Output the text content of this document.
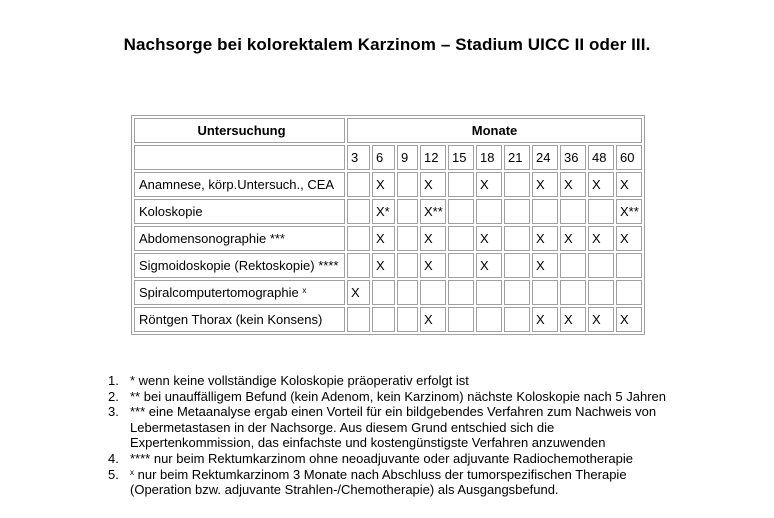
Nachsorge bei kolorektalem Karzinom – Stadium UICC II oder III.
Untersuchung	Monate										
	3	6	9	12	15	18	21	24	36	48	60
Anamnese, körp.Untersuch., CEA		X		X		X		X	X	X	X
Koloskopie		X*		X**							X**
Abdomensonographie ***		X		X		X		X	X	X	X
Sigmoidoskopie (Rektoskopie) ****		X		X		X		X			
Spiralcomputertomographie $^x$	X										
Röntgen Thorax (kein Konsens)				X				X	X	X	X
1. * wenn keine vollständige Koloskopie präoperativ erfolgt ist
2. ** bei unauffälligem Befund (kein Adenom, kein Karzinom) nächste Koloskopie nach 5 Jahren
3. *** eine Metaanalyse ergab einen Vorteil für ein bildgebendes Verfahren zum Nachweis von
Lebermetastasen in der Nachsorge. Aus diesem Grund entschied sich die
Expertenkommission, das einfachste und kostengünstigste Verfahren anzuwenden
4. **** nur beim Rektumkarzinom ohne neoadjuvante oder adjuvante Radiochemotherapie
5. $^x$ nur beim Rektumkarzinom 3 Monate nach Abschluss der tumorspezifischen Therapie
(Operation bzw. adjuvante Strahlen-/Chemotherapie) als Ausgangsbefund.
